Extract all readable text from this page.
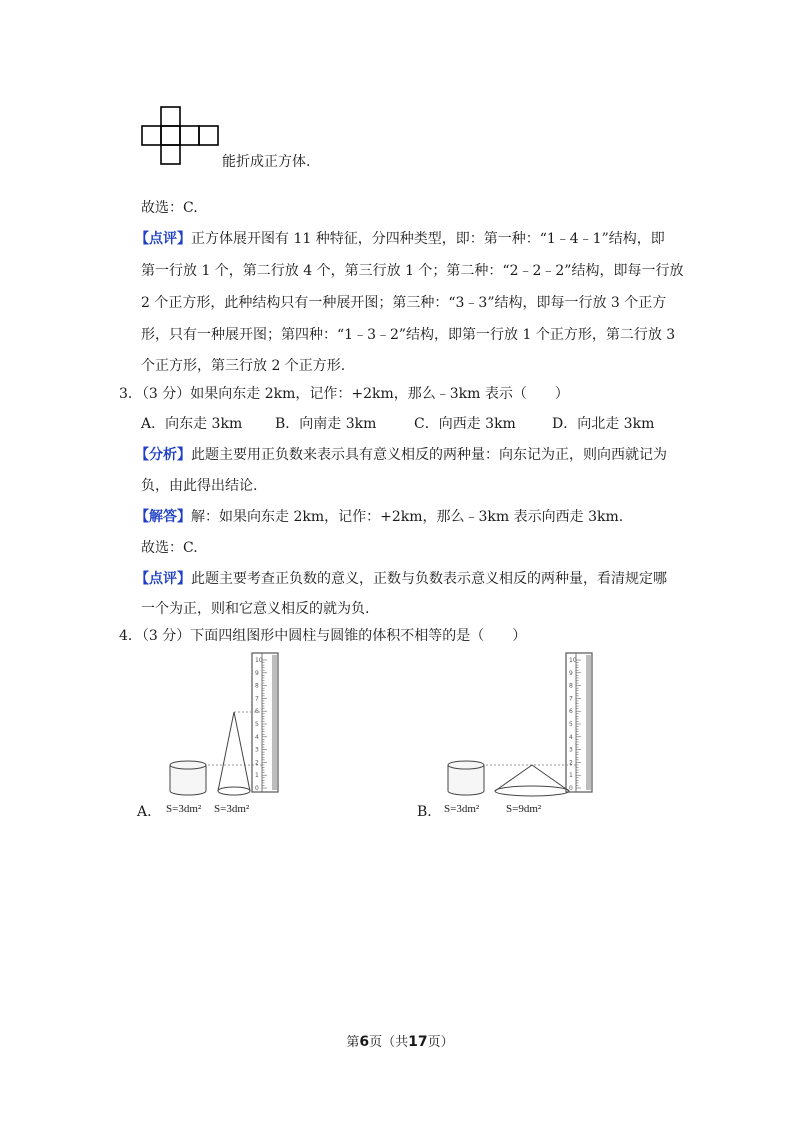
能折成正方体.
故选：C.
【点评】正方体展开图有 11 种特征，分四种类型，即：第一种：“1﹣4﹣1”结构，即
第一行放 1 个，第二行放 4 个，第三行放 1 个；第二种：“2﹣2﹣2”结构，即每一行放
2 个正方形，此种结构只有一种展开图；第三种：“3﹣3”结构，即每一行放 3 个正方
形，只有一种展开图；第四种：“1﹣3﹣2”结构，即第一行放 1 个正方形，第二行放 3
个正方形，第三行放 2 个正方形.
3．（3 分）如果向东走 2km，记作：+2km，那么﹣3km 表示（　　）
A．向东走 3km B．向南走 3km	C．向西走 3km	D．向北走 3km
【分析】此题主要用正负数来表示具有意义相反的两种量：向东记为正，则向西就记为
负，由此得出结论.
【解答】解：如果向东走 2km，记作：+2km，那么﹣3km 表示向西走 3km.
故选：C.
【点评】此题主要考查正负数的意义，正数与负数表示意义相反的两种量，看清规定哪
一个为正，则和它意义相反的就为负.
4．（3 分）下面四组图形中圆柱与圆锥的体积不相等的是（　　）
A.
0
1
2
3
4
5
6
7
8
9
10
S=3dm² S=3dm²	B.
0
1
2
3
4
5
6
7
8
9
10
S=3dm² S=9dm²
第6页（共17页）
